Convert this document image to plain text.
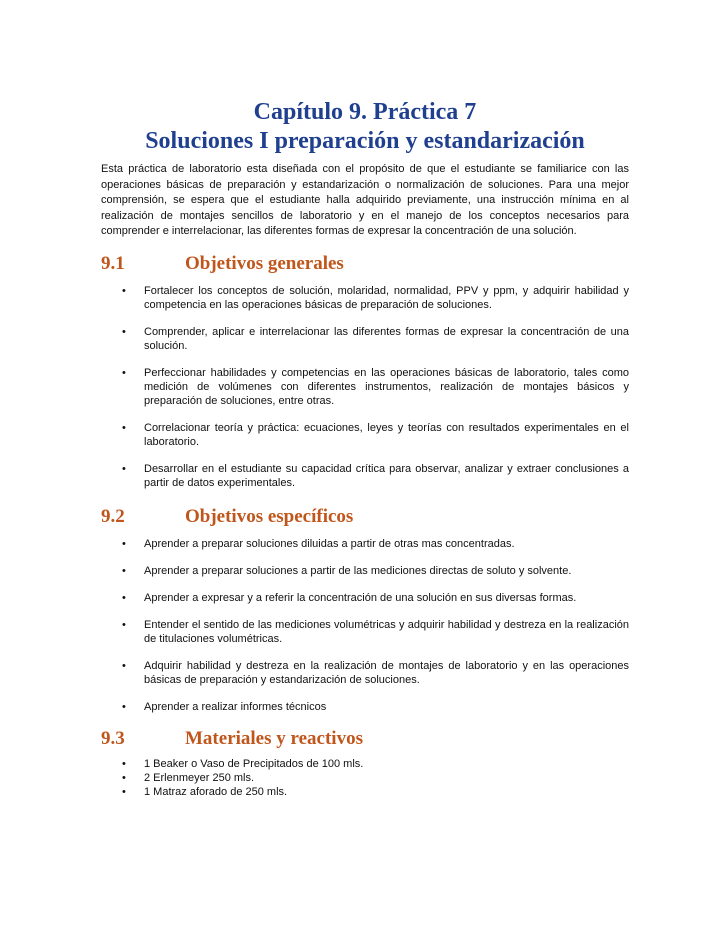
Capítulo 9. Práctica 7
Soluciones I preparación y estandarización

Esta práctica de laboratorio esta diseñada con el propósito de que el estudiante se familiarice con las operaciones básicas de preparación y estandarización o normalización de soluciones. Para una mejor comprensión, se espera que el estudiante halla adquirido previamente, una instrucción mínima en al realización de montajes sencillos de laboratorio y en el manejo de los conceptos necesarios para comprender e interrelacionar, las diferentes formas de expresar la concentración de una solución.

9.1	Objetivos generales
• Fortalecer los conceptos de solución, molaridad, normalidad, PPV y ppm, y adquirir habilidad y competencia en las operaciones básicas de preparación de soluciones.
• Comprender, aplicar e interrelacionar las diferentes formas de expresar la concentración de una solución.
• Perfeccionar habilidades y competencias en las operaciones básicas de laboratorio, tales como medición de volúmenes con diferentes instrumentos, realización de montajes básicos y preparación de soluciones, entre otras.
• Correlacionar teoría y práctica: ecuaciones, leyes y teorías con resultados experimentales en el laboratorio.
• Desarrollar en el estudiante su capacidad crítica para observar, analizar y extraer conclusiones a partir de datos experimentales.
9.2	Objetivos específicos
• Aprender a preparar soluciones diluidas a partir de otras mas concentradas.
• Aprender a preparar soluciones a partir de las mediciones directas de soluto y solvente.
• Aprender a expresar y a referir la concentración de una solución en sus diversas formas.
• Entender el sentido de las mediciones volumétricas y adquirir habilidad y destreza en la realización de titulaciones volumétricas.
• Adquirir habilidad y destreza en la realización de montajes de laboratorio y en las operaciones básicas de preparación y estandarización de soluciones.
• Aprender a realizar informes técnicos
9.3	Materiales y reactivos
• 1 Beaker o Vaso de Precipitados de 100 mls.
• 2 Erlenmeyer 250 mls.
• 1 Matraz aforado de 250 mls.
